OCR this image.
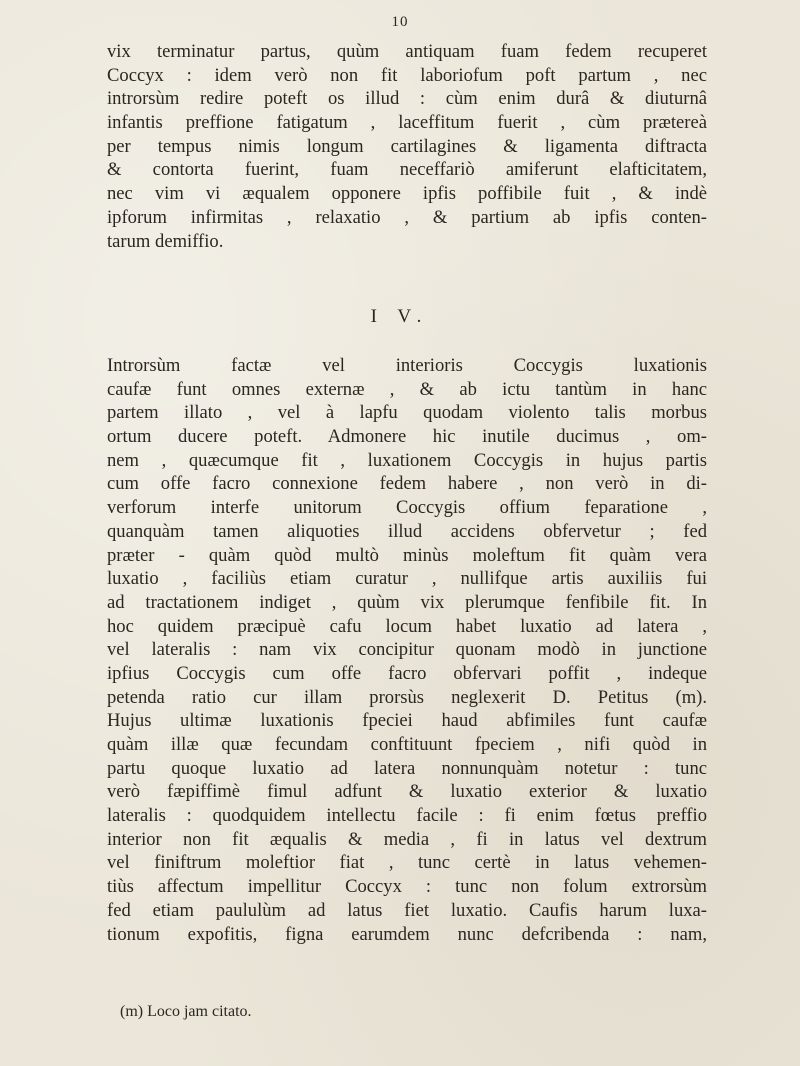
10
vix terminatur partus, quùm antiquam fuam fedem recuperet
Coccyx : idem verò non fit laboriofum poft partum , nec
introrsùm redire poteft os illud : cùm enim durâ & diuturnâ
infantis preffione fatigatum , laceffitum fuerit , cùm prætereà
per tempus nimis longum cartilagines & ligamenta diftracta
& contorta fuerint, fuam neceffariò amiferunt elafticitatem,
nec vim vi æqualem opponere ipfis poffibile fuit , & indè
ipforum infirmitas , relaxatio , & partium ab ipfis conten-
tarum demiffio.
I V.
Introrsùm factæ vel interioris Coccygis luxationis
caufæ funt omnes externæ , & ab ictu tantùm in hanc
partem illato , vel à lapfu quodam violento talis morbus
ortum ducere poteft. Admonere hic inutile ducimus , om-
nem , quæcumque fit , luxationem Coccygis in hujus partis
cum offe facro connexione fedem habere , non verò in di-
verforum interfe unitorum Coccygis offium feparatione ,
quanquàm tamen aliquoties illud accidens obfervetur ; fed
præter - quàm quòd multò minùs moleftum fit quàm vera
luxatio , faciliùs etiam curatur , nullifque artis auxiliis fui
ad tractationem indiget , quùm vix plerumque fenfibile fit. In
hoc quidem præcipuè cafu locum habet luxatio ad latera ,
vel lateralis : nam vix concipitur quonam modò in junctione
ipfius Coccygis cum offe facro obfervari poffit , indeque
petenda ratio cur illam prorsùs neglexerit D. Petitus (m).
Hujus ultimæ luxationis fpeciei haud abfimiles funt caufæ
quàm illæ quæ fecundam conftituunt fpeciem , nifi quòd in
partu quoque luxatio ad latera nonnunquàm notetur : tunc
verò fæpiffimè fimul adfunt & luxatio exterior & luxatio
lateralis : quodquidem intellectu facile : fi enim fœtus preffio
interior non fit æqualis & media , fi in latus vel dextrum
vel finiftrum moleftior fiat , tunc certè in latus vehemen-
tiùs affectum impellitur Coccyx : tunc non folum extrorsùm
fed etiam paululùm ad latus fiet luxatio. Caufis harum luxa-
tionum expofitis, figna earumdem nunc defcribenda : nam,
(m) Loco jam citato.
